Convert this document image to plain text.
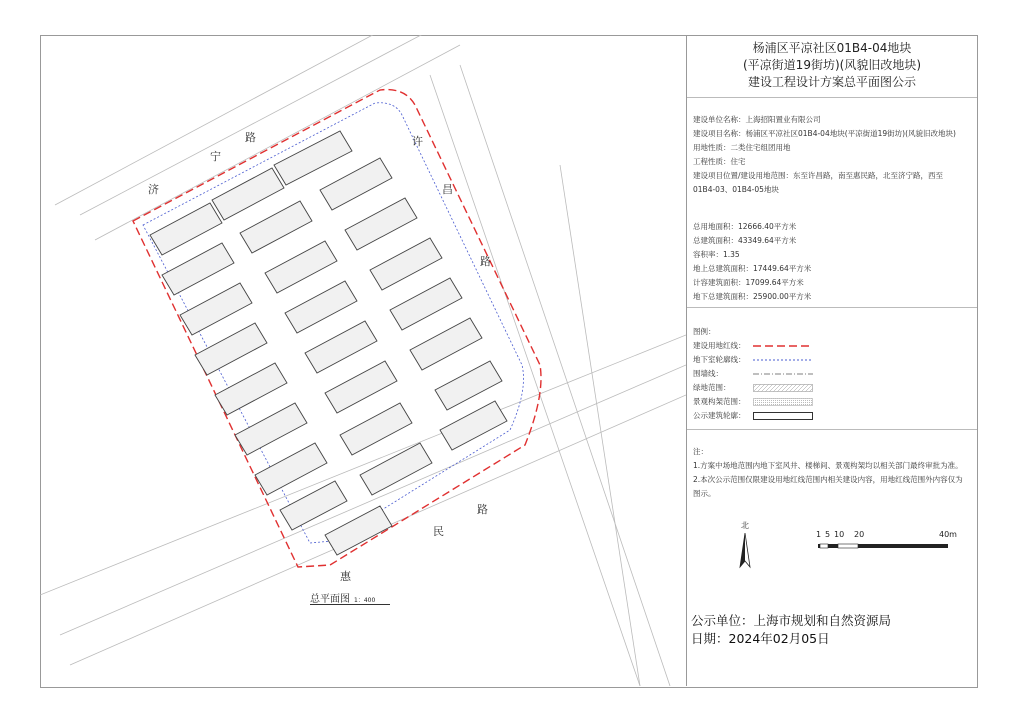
济
宁
路	许
昌
路
惠
民
路
总平面图 1：400
杨浦区平凉社区01B4-04地块
(平凉街道19街坊)(风貌旧改地块)
建设工程设计方案总平面图公示
建设单位名称：上海招阳置业有限公司
建设项目名称：杨浦区平凉社区01B4-04地块(平凉街道19街坊)(风貌旧改地块)
用地性质：二类住宅组团用地
工程性质：住宅
建设项目位置/建设用地范围：东至许昌路，南至惠民路，北至济宁路，西至
01B4-03、01B4-05地块
总用地面积：12666.40平方米
总建筑面积：43349.64平方米
容积率：1.35
地上总建筑面积：17449.64平方米
计容建筑面积：17099.64平方米
地下总建筑面积：25900.00平方米
图例：
建设用地红线：
地下室轮廓线：
围墙线：
绿地范围：
景观构架范围：
公示建筑轮廓：
注：
1.方案中场地范围内地下室风井、楼梯间、景观构架均以相关部门最终审批为准。
2.本次公示范围仅限建设用地红线范围内相关建设内容，用地红线范围外内容仅为
图示。
北
1 5 10 20	40m
公示单位：上海市规划和自然资源局
日期：2024年02月05日
